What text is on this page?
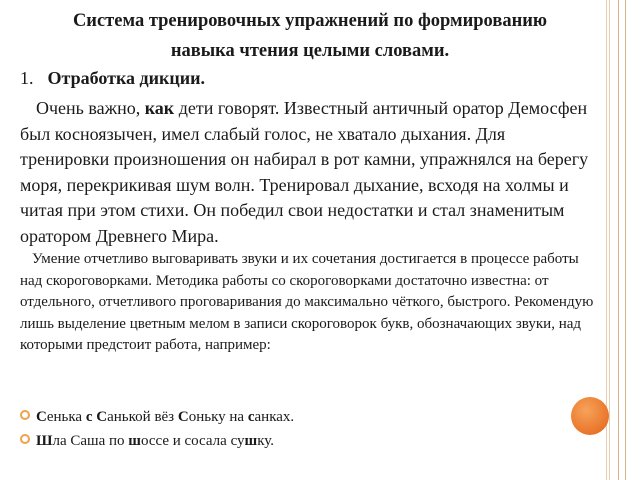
Система тренировочных упражнений по формированию
навыка чтения целыми словами.

1. Отработка дикции.

Очень важно, как дети говорят. Известный античный оратор Демосфен был косноязычен, имел слабый голос, не хватало дыхания. Для тренировки произношения он набирал в рот камни, упражнялся на берегу моря, перекрикивая шум волн. Тренировал дыхание, всходя на холмы и читая при этом стихи. Он победил свои недостатки и стал знаменитым оратором Древнего Мира.

Умение отчетливо выговаривать звуки и их сочетания достигается в процессе работы над скороговорками. Методика работы со скороговорками достаточно известна: от отдельного, отчетливого проговаривания до максимально чёткого, быстрого. Рекомендую лишь выделение цветным мелом в записи скороговорок букв, обозначающих звуки, над которыми предстоит работа, например:

Сенька с Санькой вёз Соньку на санках.
Шла Саша по шоссе и сосала сушку.
